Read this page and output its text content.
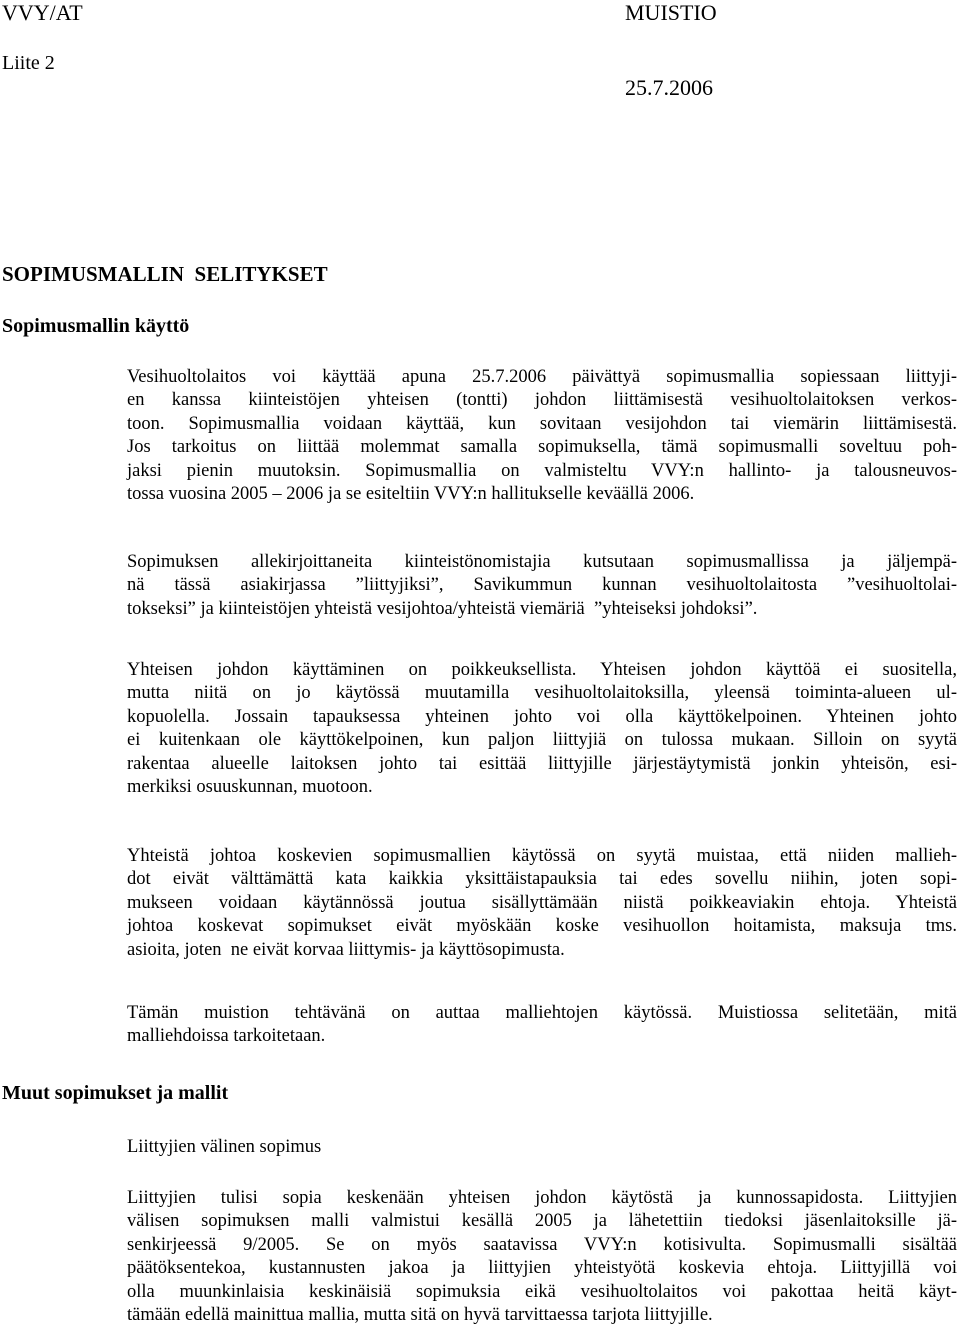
VVY/AT	MUISTIO
Liite 2
25.7.2006
SOPIMUSMALLIN  SELITYKSET
Sopimusmallin käyttö
Vesihuoltolaitos voi käyttää apuna 25.7.2006 päivättyä sopimusmallia sopiessaan liittyji-
en kanssa kiinteistöjen yhteisen (tontti) johdon liittämisestä vesihuoltolaitoksen verkos-
toon. Sopimusmallia voidaan käyttää, kun sovitaan vesijohdon tai viemärin liittämisestä.
Jos tarkoitus on liittää molemmat samalla sopimuksella, tämä sopimusmalli soveltuu poh-
jaksi pienin muutoksin. Sopimusmallia on valmisteltu VVY:n hallinto- ja talousneuvos-
tossa vuosina 2005 – 2006 ja se esiteltiin VVY:n hallitukselle keväällä 2006.
Sopimuksen allekirjoittaneita kiinteistönomistajia kutsutaan sopimusmallissa ja jäljempä-
nä tässä asiakirjassa ”liittyjiksi”, Savikummun kunnan vesihuoltolaitosta ”vesihuoltolai-
tokseksi” ja kiinteistöjen yhteistä vesijohtoa/yhteistä viemäriä  ”yhteiseksi johdoksi”.
Yhteisen johdon käyttäminen on poikkeuksellista. Yhteisen johdon käyttöä ei suositella,
mutta niitä on jo käytössä muutamilla vesihuoltolaitoksilla, yleensä toiminta-alueen ul-
kopuolella. Jossain tapauksessa yhteinen johto voi olla käyttökelpoinen. Yhteinen johto
ei kuitenkaan ole käyttökelpoinen, kun paljon liittyjiä on tulossa mukaan. Silloin on syytä
rakentaa alueelle laitoksen johto tai esittää liittyjille järjestäytymistä jonkin yhteisön, esi-
merkiksi osuuskunnan, muotoon.
Yhteistä johtoa koskevien sopimusmallien käytössä on syytä muistaa, että niiden mallieh-
dot eivät välttämättä kata kaikkia yksittäistapauksia tai edes sovellu niihin, joten sopi-
mukseen voidaan käytännössä joutua sisällyttämään niistä poikkeaviakin ehtoja. Yhteistä
johtoa koskevat sopimukset eivät myöskään koske vesihuollon hoitamista, maksuja tms.
asioita, joten  ne eivät korvaa liittymis- ja käyttösopimusta.
Tämän muistion tehtävänä on auttaa malliehtojen käytössä. Muistiossa selitetään, mitä
malliehdoissa tarkoitetaan.
Muut sopimukset ja mallit
Liittyjien välinen sopimus
Liittyjien tulisi sopia keskenään yhteisen johdon käytöstä ja kunnossapidosta. Liittyjien
välisen sopimuksen malli valmistui kesällä 2005 ja lähetettiin tiedoksi jäsenlaitoksille jä-
senkirjeessä 9/2005. Se on myös saatavissa VVY:n kotisivulta. Sopimusmalli sisältää
päätöksentekoa, kustannusten jakoa ja liittyjien yhteistyötä koskevia ehtoja. Liittyjillä voi
olla muunkinlaisia keskinäisiä sopimuksia eikä vesihuoltolaitos voi pakottaa heitä käyt-
tämään edellä mainittua mallia, mutta sitä on hyvä tarvittaessa tarjota liittyjille.
